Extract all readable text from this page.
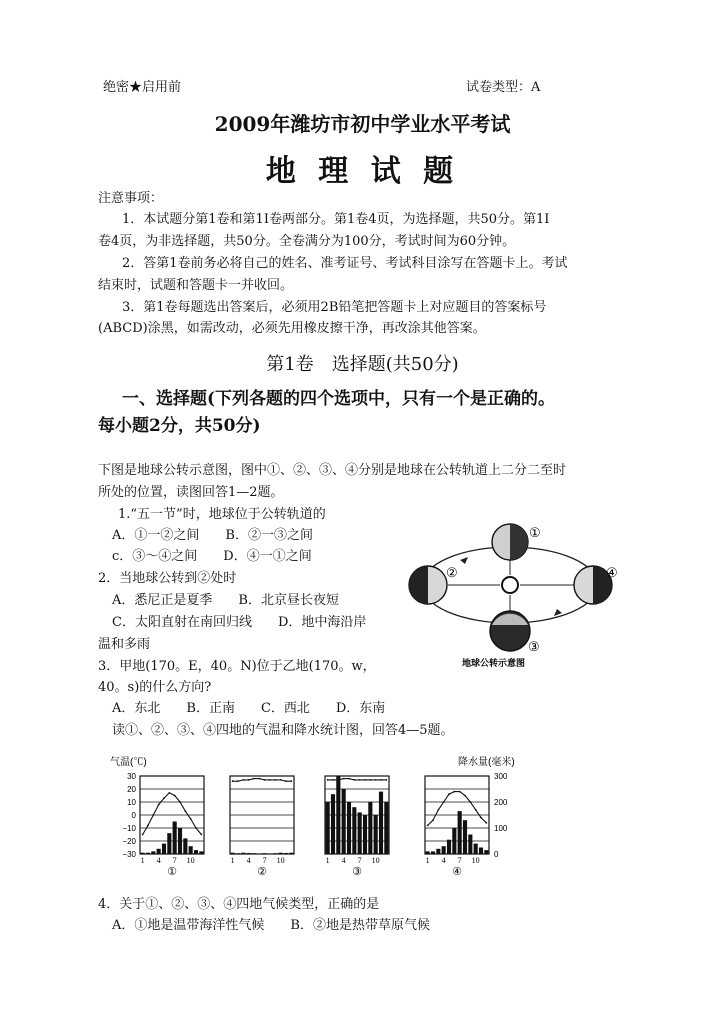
绝密★启用前	试卷类型：A
2009年潍坊市初中学业水平考试
地 理 试 题
注意事项：
1．本试题分第1卷和第1I卷两部分。第1卷4页，为选择题，共50分。第1I
卷4页，为非选择题，共50分。全卷满分为100分，考试时间为60分钟。
2．答第1卷前务必将自己的姓名、准考证号、考试科目涂写在答题卡上。考试
结束时，试题和答题卡一并收回。
3．第1卷每题选出答案后，必须用2B铅笔把答题卡上对应题目的答案标号
(ABCD)涂黑，如需改动，必须先用橡皮擦干净，再改涂其他答案。
第1卷　选择题(共50分)
一、选择题(下列各题的四个选项中，只有一个是正确的。
每小题2分，共50分)
下图是地球公转示意图，图中①、②、③、④分别是地球在公转轨道上二分二至时
所处的位置，读图回答1—2题。
1.“五一节”时，地球位于公转轨道的
A．①一②之间　　B．②一③之间
c．③～④之间　　D．④一①之间
2．当地球公转到②处时
A．悉尼正是夏季　　B．北京昼长夜短
C．太阳直射在南回归线　　D．地中海沿岸
温和多雨
3．甲地(170。E，40。N)位于乙地(170。w，
40。s)的什么方向?
A．东北　　B．正南　　C．西北　　D．东南
读①、②、③、④四地的气温和降水统计图，回答4—5题。
①
②
③
④
地球公转示意图
气温(℃)	降水量(毫米)
30
20
10
0
−10
−20
−30
300
200
100
0
1 4 7 10
①
1 4 7 10
②
1 4 7 10
③
1 4 7 10
④
4．关于①、②、③、④四地气候类型，正确的是
A．①地是温带海洋性气候　　B．②地是热带草原气候
